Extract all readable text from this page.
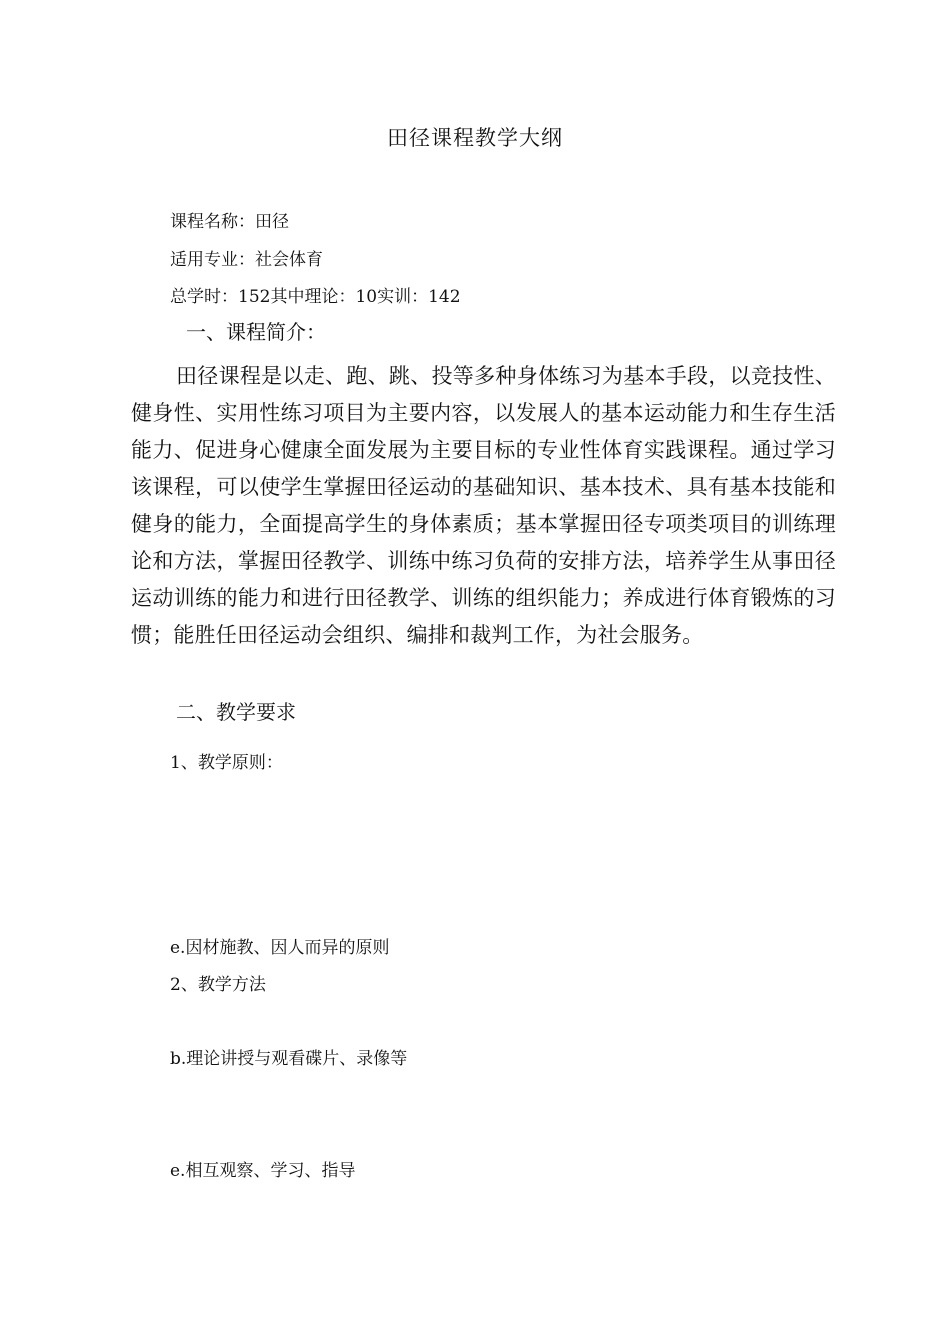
田径课程教学大纲
课程名称：田径
适用专业：社会体育
总学时：152其中理论：10实训：142
一、课程简介：
田径课程是以走、跑、跳、投等多种身体练习为基本手段，以竞技性、健身性、实用性练习项目为主要内容，以发展人的基本运动能力和生存生活能力、促进身心健康全面发展为主要目标的专业性体育实践课程。通过学习该课程，可以使学生掌握田径运动的基础知识、基本技术、具有基本技能和健身的能力，全面提高学生的身体素质；基本掌握田径专项类项目的训练理论和方法，掌握田径教学、训练中练习负荷的安排方法，培养学生从事田径运动训练的能力和进行田径教学、训练的组织能力；养成进行体育锻炼的习惯；能胜任田径运动会组织、编排和裁判工作，为社会服务。
二、教学要求
1、教学原则：
e.因材施教、因人而异的原则
2、教学方法
b.理论讲授与观看碟片、录像等
e.相互观察、学习、指导
